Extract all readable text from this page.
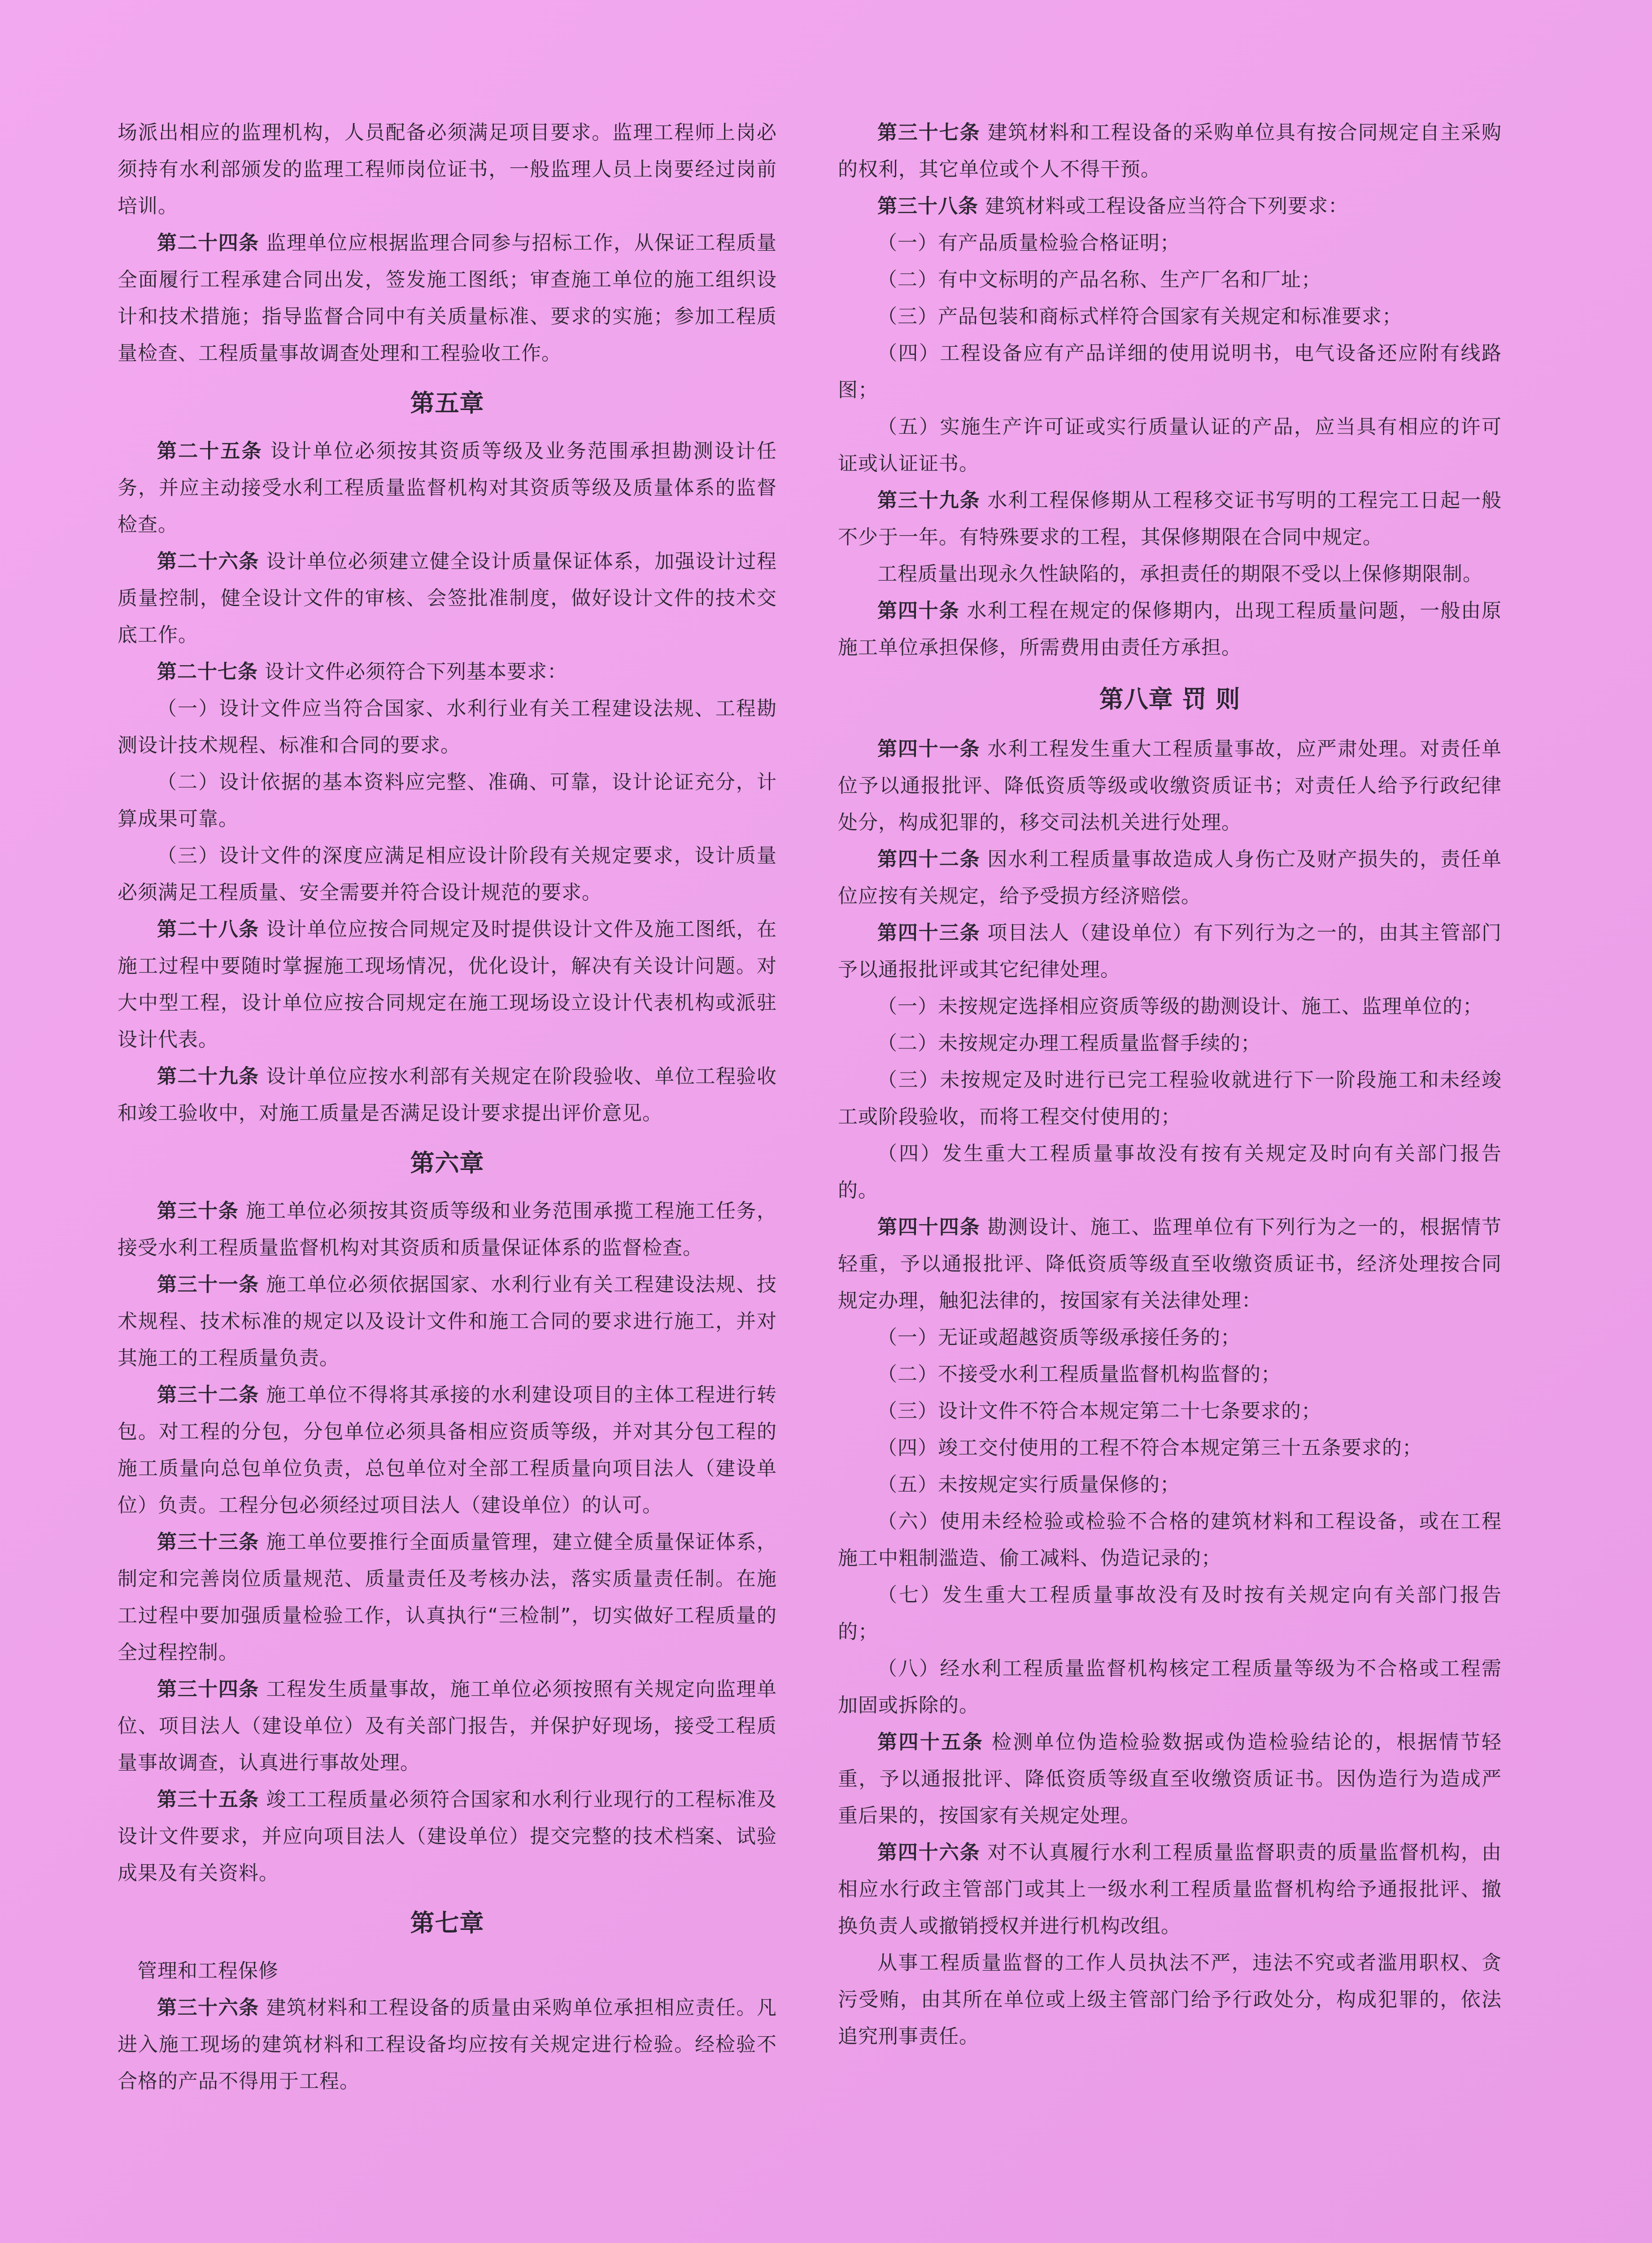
场派出相应的监理机构，人员配备必须满足项目要求。监理工程师上岗必须持有水利部颁发的监理工程师岗位证书，一般监理人员上岗要经过岗前培训。

第二十四条 监理单位应根据监理合同参与招标工作，从保证工程质量全面履行工程承建合同出发，签发施工图纸；审查施工单位的施工组织设计和技术措施；指导监督合同中有关质量标准、要求的实施；参加工程质量检查、工程质量事故调查处理和工程验收工作。

第五章

第二十五条 设计单位必须按其资质等级及业务范围承担勘测设计任务，并应主动接受水利工程质量监督机构对其资质等级及质量体系的监督检查。

第二十六条 设计单位必须建立健全设计质量保证体系，加强设计过程质量控制，健全设计文件的审核、会签批准制度，做好设计文件的技术交底工作。

第二十七条 设计文件必须符合下列基本要求：

（一）设计文件应当符合国家、水利行业有关工程建设法规、工程勘测设计技术规程、标准和合同的要求。

（二）设计依据的基本资料应完整、准确、可靠，设计论证充分，计算成果可靠。

（三）设计文件的深度应满足相应设计阶段有关规定要求，设计质量必须满足工程质量、安全需要并符合设计规范的要求。

第二十八条 设计单位应按合同规定及时提供设计文件及施工图纸，在施工过程中要随时掌握施工现场情况，优化设计，解决有关设计问题。对大中型工程，设计单位应按合同规定在施工现场设立设计代表机构或派驻设计代表。

第二十九条 设计单位应按水利部有关规定在阶段验收、单位工程验收和竣工验收中，对施工质量是否满足设计要求提出评价意见。

第六章

第三十条 施工单位必须按其资质等级和业务范围承揽工程施工任务，接受水利工程质量监督机构对其资质和质量保证体系的监督检查。

第三十一条 施工单位必须依据国家、水利行业有关工程建设法规、技术规程、技术标准的规定以及设计文件和施工合同的要求进行施工，并对其施工的工程质量负责。

第三十二条 施工单位不得将其承接的水利建设项目的主体工程进行转包。对工程的分包，分包单位必须具备相应资质等级，并对其分包工程的施工质量向总包单位负责，总包单位对全部工程质量向项目法人（建设单位）负责。工程分包必须经过项目法人（建设单位）的认可。

第三十三条 施工单位要推行全面质量管理，建立健全质量保证体系，制定和完善岗位质量规范、质量责任及考核办法，落实质量责任制。在施工过程中要加强质量检验工作，认真执行“三检制”，切实做好工程质量的全过程控制。

第三十四条 工程发生质量事故，施工单位必须按照有关规定向监理单位、项目法人（建设单位）及有关部门报告，并保护好现场，接受工程质量事故调查，认真进行事故处理。

第三十五条 竣工工程质量必须符合国家和水利行业现行的工程标准及设计文件要求，并应向项目法人（建设单位）提交完整的技术档案、试验成果及有关资料。

第七章

管理和工程保修

第三十六条 建筑材料和工程设备的质量由采购单位承担相应责任。凡进入施工现场的建筑材料和工程设备均应按有关规定进行检验。经检验不合格的产品不得用于工程。

第三十七条 建筑材料和工程设备的采购单位具有按合同规定自主采购的权利，其它单位或个人不得干预。

第三十八条 建筑材料或工程设备应当符合下列要求：

（一）有产品质量检验合格证明；

（二）有中文标明的产品名称、生产厂名和厂址；

（三）产品包装和商标式样符合国家有关规定和标准要求；

（四）工程设备应有产品详细的使用说明书，电气设备还应附有线路图；

（五）实施生产许可证或实行质量认证的产品，应当具有相应的许可证或认证证书。

第三十九条 水利工程保修期从工程移交证书写明的工程完工日起一般不少于一年。有特殊要求的工程，其保修期限在合同中规定。

工程质量出现永久性缺陷的，承担责任的期限不受以上保修期限制。

第四十条 水利工程在规定的保修期内，出现工程质量问题，一般由原施工单位承担保修，所需费用由责任方承担。

第八章 罚 则

第四十一条 水利工程发生重大工程质量事故，应严肃处理。对责任单位予以通报批评、降低资质等级或收缴资质证书；对责任人给予行政纪律处分，构成犯罪的，移交司法机关进行处理。

第四十二条 因水利工程质量事故造成人身伤亡及财产损失的，责任单位应按有关规定，给予受损方经济赔偿。

第四十三条 项目法人（建设单位）有下列行为之一的，由其主管部门予以通报批评或其它纪律处理。

（一）未按规定选择相应资质等级的勘测设计、施工、监理单位的；

（二）未按规定办理工程质量监督手续的；

（三）未按规定及时进行已完工程验收就进行下一阶段施工和未经竣工或阶段验收，而将工程交付使用的；

（四）发生重大工程质量事故没有按有关规定及时向有关部门报告的。

第四十四条 勘测设计、施工、监理单位有下列行为之一的，根据情节轻重，予以通报批评、降低资质等级直至收缴资质证书，经济处理按合同规定办理，触犯法律的，按国家有关法律处理：

（一）无证或超越资质等级承接任务的；

（二）不接受水利工程质量监督机构监督的；

（三）设计文件不符合本规定第二十七条要求的；

（四）竣工交付使用的工程不符合本规定第三十五条要求的；

（五）未按规定实行质量保修的；

（六）使用未经检验或检验不合格的建筑材料和工程设备，或在工程施工中粗制滥造、偷工减料、伪造记录的；

（七）发生重大工程质量事故没有及时按有关规定向有关部门报告的；

（八）经水利工程质量监督机构核定工程质量等级为不合格或工程需加固或拆除的。

第四十五条 检测单位伪造检验数据或伪造检验结论的，根据情节轻重，予以通报批评、降低资质等级直至收缴资质证书。因伪造行为造成严重后果的，按国家有关规定处理。

第四十六条 对不认真履行水利工程质量监督职责的质量监督机构，由相应水行政主管部门或其上一级水利工程质量监督机构给予通报批评、撤换负责人或撤销授权并进行机构改组。

从事工程质量监督的工作人员执法不严，违法不究或者滥用职权、贪污受贿，由其所在单位或上级主管部门给予行政处分，构成犯罪的，依法追究刑事责任。
